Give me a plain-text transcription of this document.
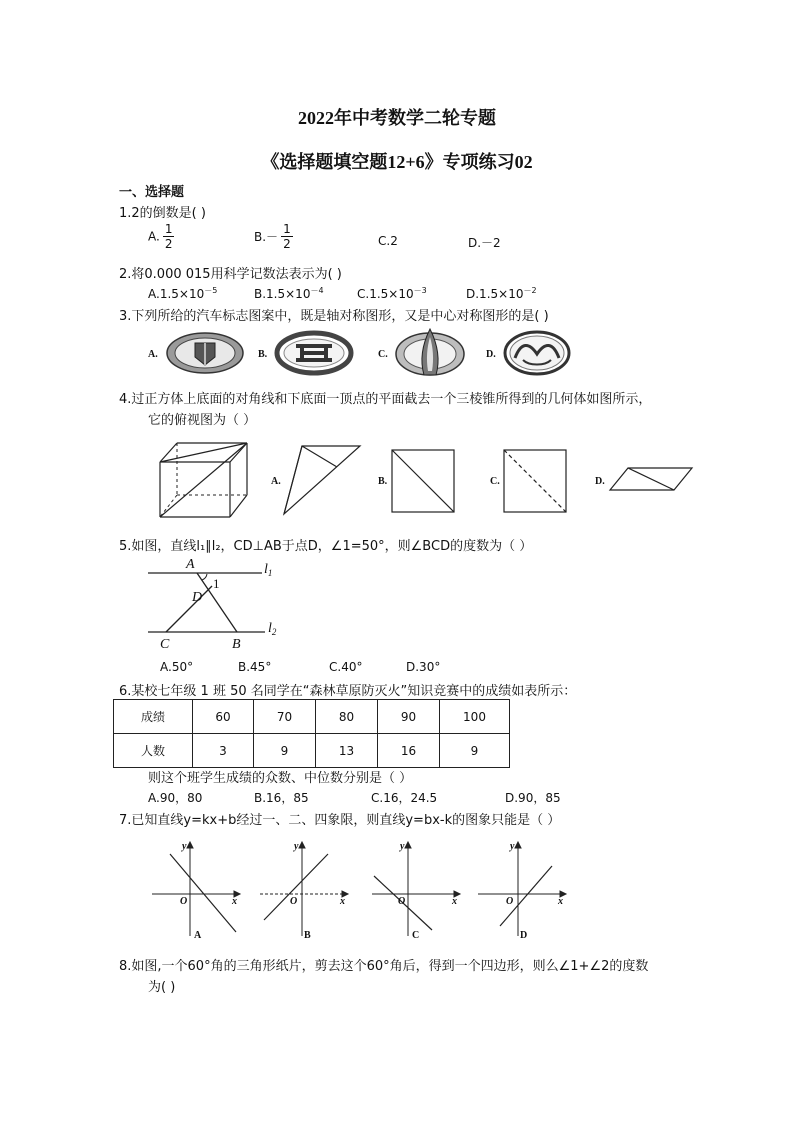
2022年中考数学二轮专题
《选择题填空题12+6》专项练习02
一、选择题
1.2的倒数是( )
A. $\frac{1}{2}$	$B.- \frac{1}{2}$	C.2	D.－2
2.将0.000 015用科学记数法表示为( )
$A.1.5\times 10^{-5}$	$B.1.5\times 10^{-4}$	$C.1.5\times 10^{-3}$	$D.1.5\times 10^{-2}$
3.下列所给的汽车标志图案中，既是轴对称图形，又是中心对称图形的是( )
A.	B.	C.	D.
4.过正方体上底面的对角线和下底面一顶点的平面截去一个三棱锥所得到的几何体如图所示，
它的俯视图为（ ）
A.	B.	C.	D.
5.如图，直线l₁∥l₂，CD⊥AB于点D，∠1=50°，则∠BCD的度数为（ ）
A
1
D
C	B
$l_1$
$l_2$
A.50°	B.45°	C.40°	D.30°
6.某校七年级 1 班 50 名同学在“森林草原防灭火”知识竞赛中的成绩如表所示：
成绩	60	70	80	90	100
人数	3	9	13	16	9
则这个班学生成绩的众数、中位数分别是（ ）
A.90，80	B.16，85	C.16，24.5	D.90，85
7.已知直线y=kx+b经过一、二、四象限，则直线y=bx-k的图象只能是（ ）
y
x
O
A
y
x
O
B
y
x
O
C
y
x
O
D
8.如图,一个60°角的三角形纸片，剪去这个60°角后，得到一个四边形，则么∠1+∠2的度数
为( )
